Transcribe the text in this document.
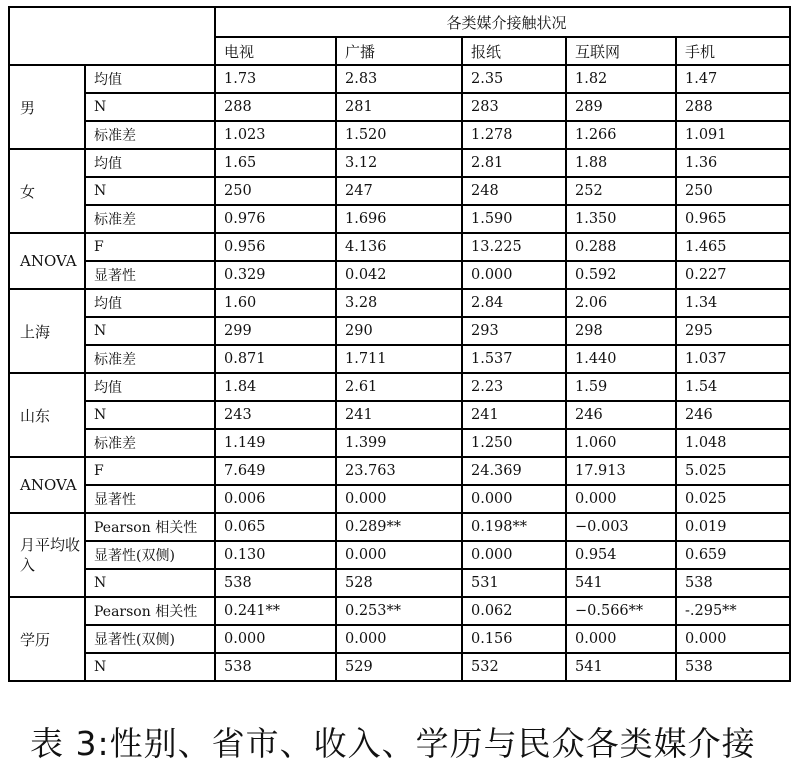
		各类媒介接触状况				
		电视	广播	报纸	互联网	手机
男	均值	1.73	2.83	2.35	1.82	1.47
	N	288	281	283	289	288
	标准差	1.023	1.520	1.278	1.266	1.091
女	均值	1.65	3.12	2.81	1.88	1.36
	N	250	247	248	252	250
	标准差	0.976	1.696	1.590	1.350	0.965
ANOVA	F	0.956	4.136	13.225	0.288	1.465
	显著性	0.329	0.042	0.000	0.592	0.227
上海	均值	1.60	3.28	2.84	2.06	1.34
	N	299	290	293	298	295
	标准差	0.871	1.711	1.537	1.440	1.037
山东	均值	1.84	2.61	2.23	1.59	1.54
	N	243	241	241	246	246
	标准差	1.149	1.399	1.250	1.060	1.048
ANOVA	F	7.649	23.763	24.369	17.913	5.025
	显著性	0.006	0.000	0.000	0.000	0.025
月平均收入	Pearson 相关性	0.065	0.289**	0.198**	−0.003	0.019
	显著性(双侧)	0.130	0.000	0.000	0.954	0.659
	N	538	528	531	541	538
学历	Pearson 相关性	0.241**	0.253**	0.062	−0.566**	-.295**
	显著性(双侧)	0.000	0.000	0.156	0.000	0.000
	N	538	529	532	541	538
表 3:性别、省市、收入、学历与民众各类媒介接
